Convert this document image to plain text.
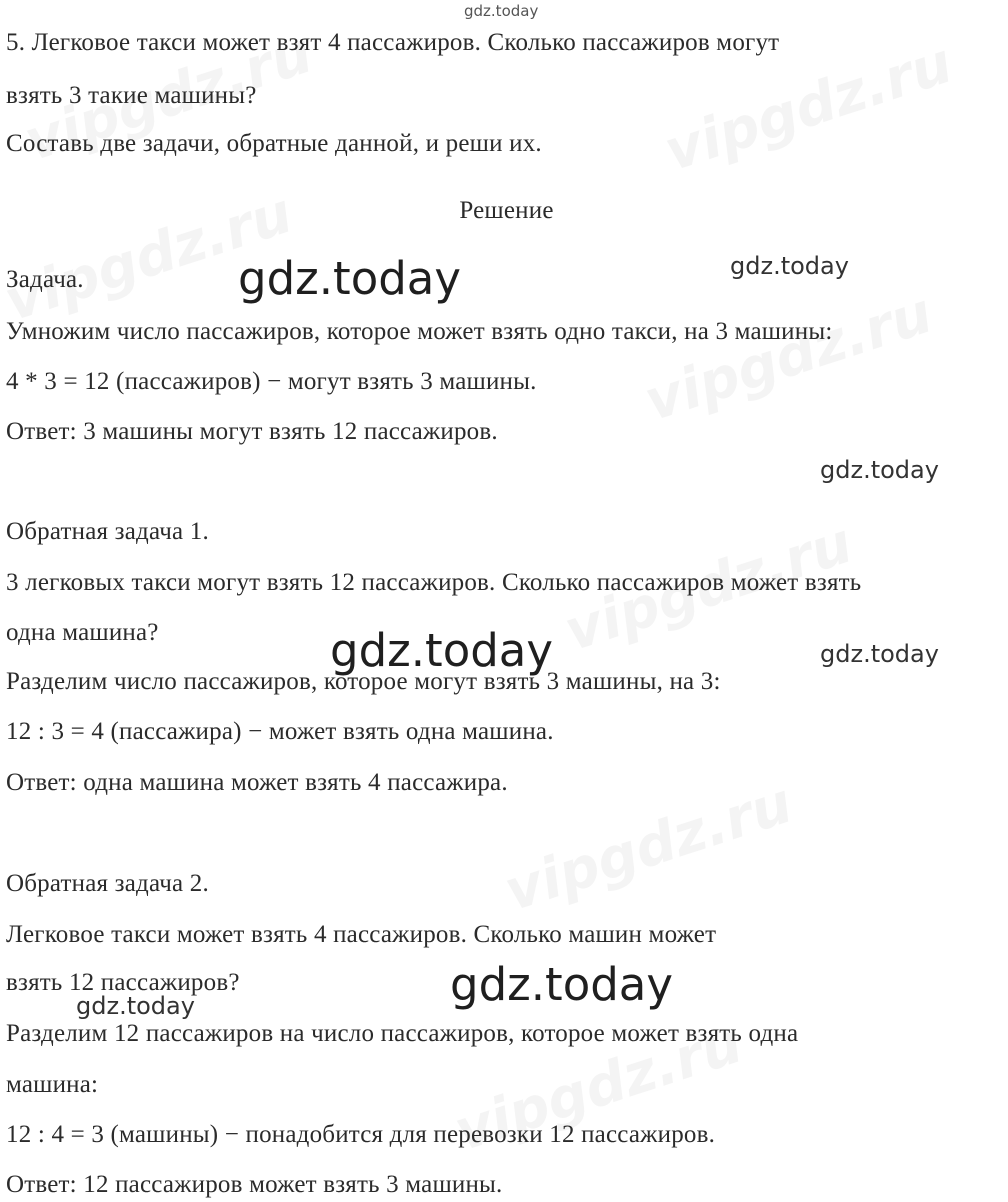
gdz.today
gdz.today	gdz.today
gdz.today
gdz.today	gdz.today
gdz.today
gdz.today
5. Легковое такси может взят 4 пассажиров. Сколько пассажиров могут
взять 3 такие машины?
Составь две задачи, обратные данной, и реши их.
Решение
Задача.
Умножим число пассажиров, которое может взять одно такси, на 3 машины:
4 * 3 = 12 (пассажиров) − могут взять 3 машины.
Ответ: 3 машины могут взять 12 пассажиров.
Обратная задача 1.
3 легковых такси могут взять 12 пассажиров. Сколько пассажиров может взять
одна машина?
Разделим число пассажиров, которое могут взять 3 машины, на 3:
12 : 3 = 4 (пассажира) − может взять одна машина.
Ответ: одна машина может взять 4 пассажира.
Обратная задача 2.
Легковое такси может взять 4 пассажиров. Сколько машин может
взять 12 пассажиров?
Разделим 12 пассажиров на число пассажиров, которое может взять одна
машина:
12 : 4 = 3 (машины) − понадобится для перевозки 12 пассажиров.
Ответ: 12 пассажиров может взять 3 машины.
